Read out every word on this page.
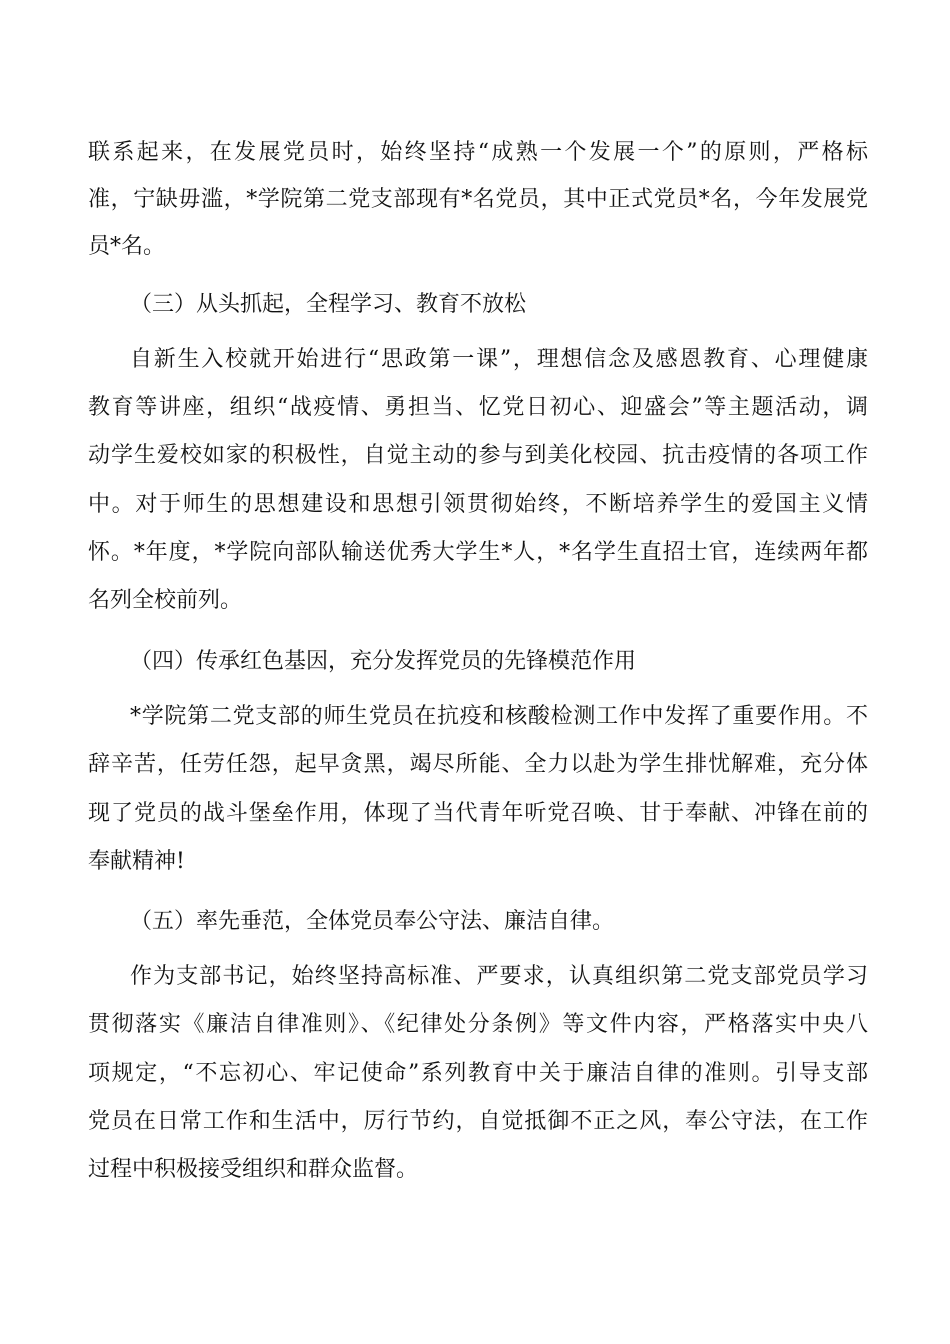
联系起来，在发展党员时，始终坚持“成熟一个发展一个”的原则，严格标
准，宁缺毋滥，*学院第二党支部现有*名党员，其中正式党员*名，今年发展党
员*名。
（三）从头抓起，全程学习、教育不放松
自新生入校就开始进行“思政第一课”，理想信念及感恩教育、心理健康
教育等讲座，组织“战疫情、勇担当、忆党日初心、迎盛会”等主题活动，调
动学生爱校如家的积极性，自觉主动的参与到美化校园、抗击疫情的各项工作
中。对于师生的思想建设和思想引领贯彻始终，不断培养学生的爱国主义情
怀。*年度，*学院向部队输送优秀大学生*人，*名学生直招士官，连续两年都
名列全校前列。
（四）传承红色基因，充分发挥党员的先锋模范作用
*学院第二党支部的师生党员在抗疫和核酸检测工作中发挥了重要作用。不
辞辛苦，任劳任怨，起早贪黑，竭尽所能、全力以赴为学生排忧解难，充分体
现了党员的战斗堡垒作用，体现了当代青年听党召唤、甘于奉献、冲锋在前的
奉献精神!
（五）率先垂范，全体党员奉公守法、廉洁自律。
作为支部书记，始终坚持高标准、严要求，认真组织第二党支部党员学习
贯彻落实《廉洁自律准则》、《纪律处分条例》等文件内容，严格落实中央八
项规定，“不忘初心、牢记使命”系列教育中关于廉洁自律的准则。引导支部
党员在日常工作和生活中，厉行节约，自觉抵御不正之风，奉公守法，在工作
过程中积极接受组织和群众监督。
